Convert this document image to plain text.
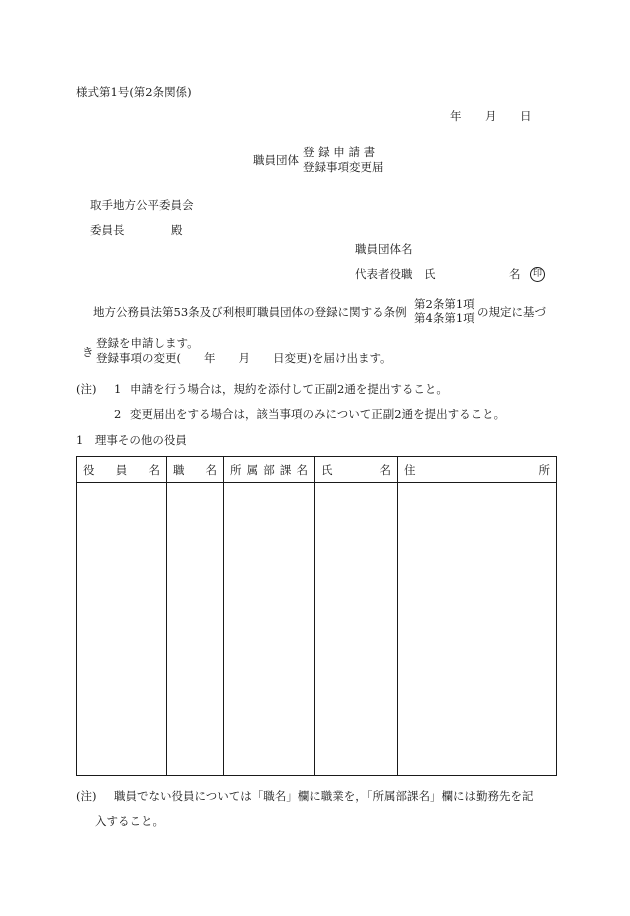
様式第1号(第2条関係)
年 月 日
職員団体
登 録 申 請 書
登録事項変更届
取手地方公平委員会
委員長	殿
職員団体名
代表者役職　氏	名	印
地方公務員法第53条及び利根町職員団体の登録に関する条例
第2条第1項
第4条第1項 の規定に基づ
き
登録を申請します。
登録事項の変更(　　年　　月　　日変更)を届け出ます。
(注) 1 申請を行う場合は，規約を添付して正副2通を提出すること。
2 変更届出をする場合は，該当事項のみについて正副2通を提出すること。
1　理事その他の役員
役 員 名	職 名	所 属 部 課 名	氏 名	住 所

(注) 職員でない役員については「職名」欄に職業を，「所属部課名」欄には勤務先を記
入すること。
